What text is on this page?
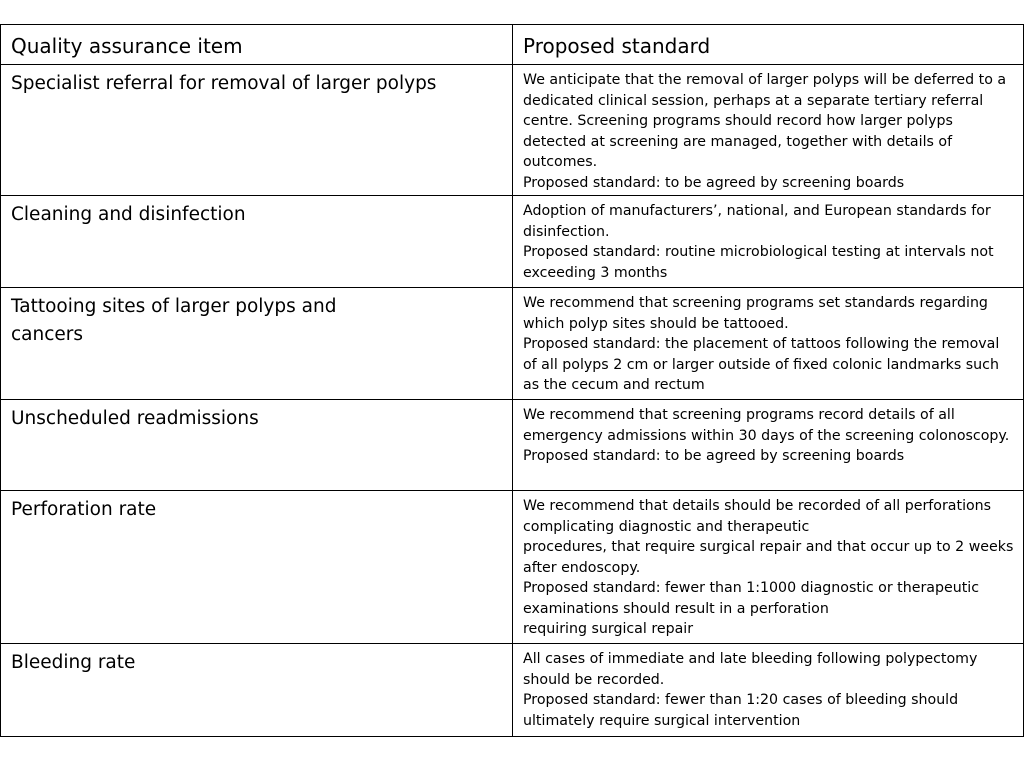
Quality assurance item	Proposed standard

Specialist referral for removal of larger polyps	We anticipate that the removal of larger polyps will be deferred to a dedicated clinical session, perhaps at a separate tertiary referral centre. Screening programs should record how larger polyps detected at screening are managed, together with details of outcomes.
Proposed standard: to be agreed by screening boards

Cleaning and disinfection	Adoption of manufacturers’, national, and European standards for disinfection.
Proposed standard: routine microbiological testing at intervals not exceeding 3 months

Tattooing sites of larger polyps and cancers	We recommend that screening programs set standards regarding which polyp sites should be tattooed.
Proposed standard: the placement of tattoos following the removal of all polyps 2 cm or larger outside of fixed colonic landmarks such as the cecum and rectum

Unscheduled readmissions	We recommend that screening programs record details of all emergency admissions within 30 days of the screening colonoscopy.
Proposed standard: to be agreed by screening boards

Perforation rate	We recommend that details should be recorded of all perforations complicating diagnostic and therapeutic
procedures, that require surgical repair and that occur up to 2 weeks after endoscopy.
Proposed standard: fewer than 1:1000 diagnostic or therapeutic examinations should result in a perforation
requiring surgical repair

Bleeding rate	All cases of immediate and late bleeding following polypectomy should be recorded.
Proposed standard: fewer than 1:20 cases of bleeding should ultimately require surgical intervention
